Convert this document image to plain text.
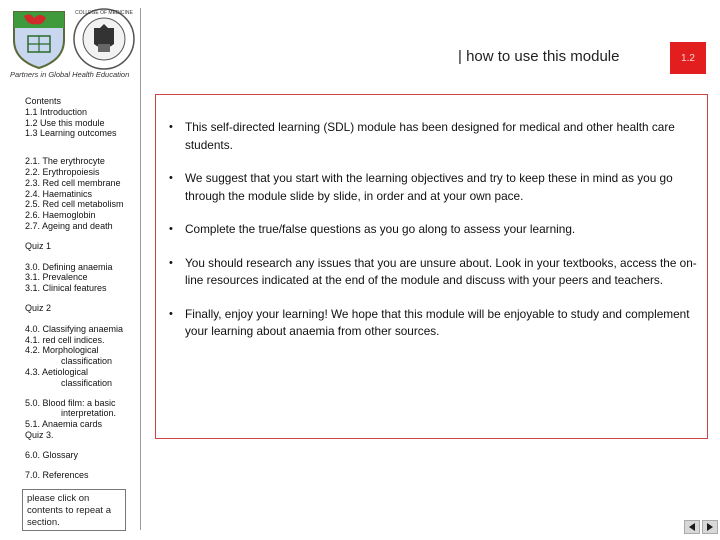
COLLEGE OF MEDICINE
Partners in Global Health Education
| how to use this module	1.2
Contents
1.1 Introduction
1.2 Use this module
1.3 Learning outcomes
2.1. The erythrocyte
2.2. Erythropoiesis
2.3. Red cell membrane
2.4. Haematinics
2.5. Red cell metabolism
2.6. Haemoglobin
2.7. Ageing and death
Quiz 1
3.0. Defining anaemia
3.1. Prevalence
3.1. Clinical features
Quiz 2
4.0. Classifying anaemia
4.1. red cell indices.
4.2. Morphological
classification
4.3. Aetiological
classification
5.0. Blood film: a basic
interpretation.
5.1. Anaemia cards
Quiz 3.
6.0. Glossary
7.0. References
please click on contents to repeat a section.
• This self-directed learning (SDL) module has been designed for medical and other health care students.
• We suggest that you start with the learning objectives and try to keep these in mind as you go through the module slide by slide, in order and at your own pace.
• Complete the true/false questions as you go along to assess your learning.
• You should research any issues that you are unsure about. Look in your textbooks, access the on-line resources indicated at the end of the module and discuss with your peers and teachers.
• Finally, enjoy your learning! We hope that this module will be enjoyable to study and complement your learning about anaemia from other sources.
